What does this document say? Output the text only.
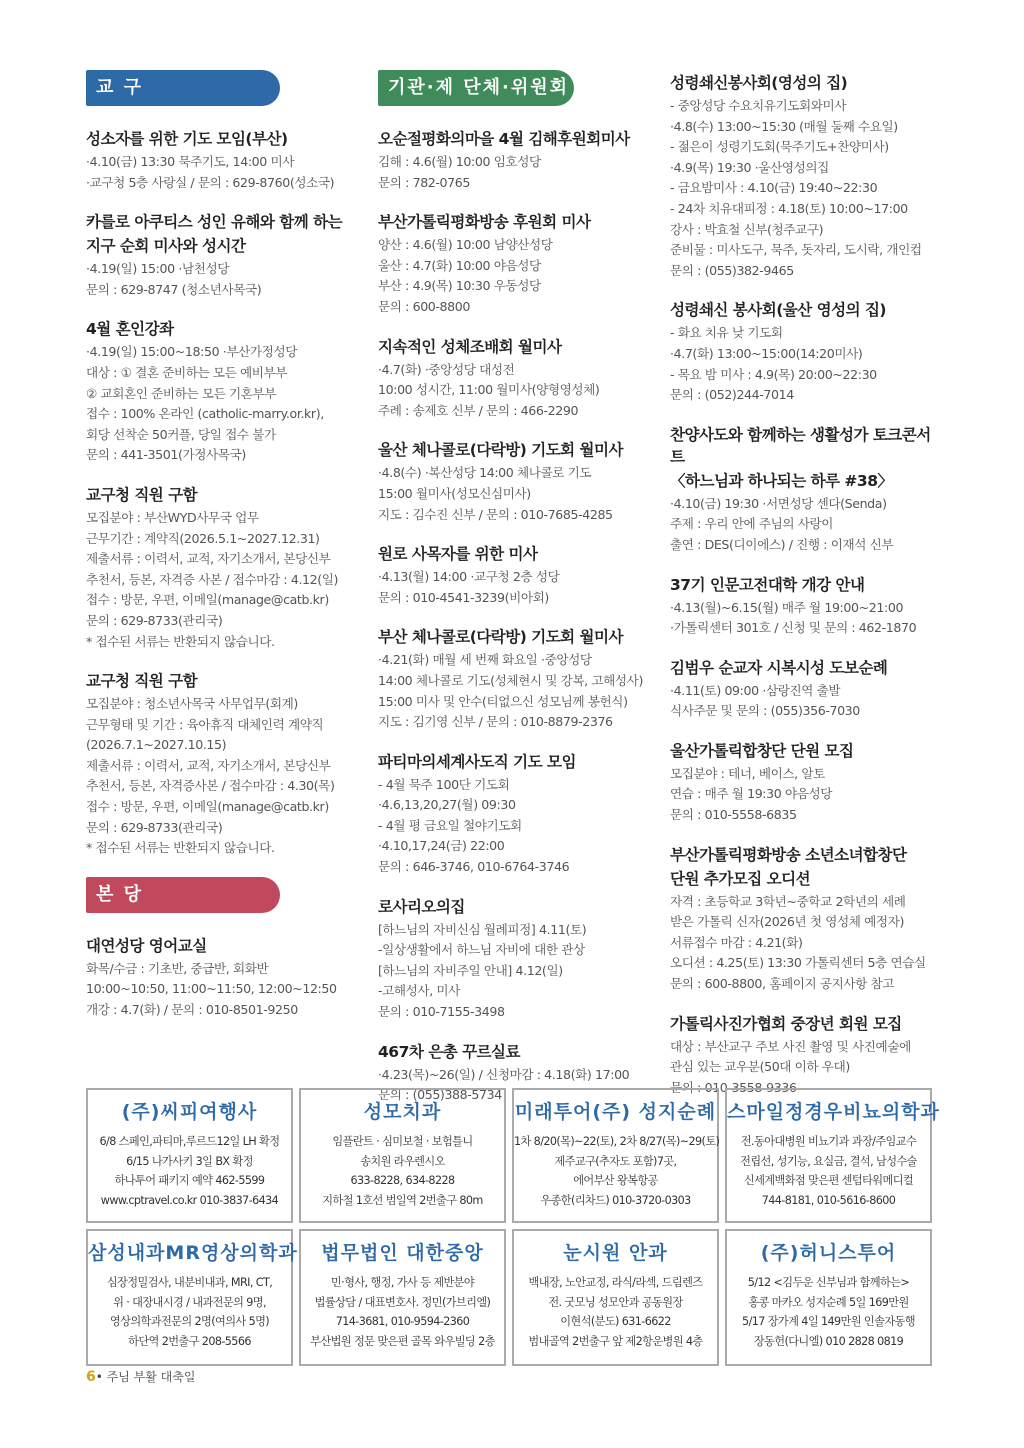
교 구
성소자를 위한 기도 모임(부산)
·4.10(금) 13:30 묵주기도, 14:00 미사
·교구청 5층 사랑실 / 문의 : 629-8760(성소국)
카를로 아쿠티스 성인 유해와 함께 하는
지구 순회 미사와 성시간
·4.19(일) 15:00 ·남천성당
문의 : 629-8747 (청소년사목국)
4월 혼인강좌
·4.19(일) 15:00~18:50 ·부산가정성당
대상 : ① 결혼 준비하는 모든 예비부부
② 교회혼인 준비하는 모든 기혼부부
접수 : 100% 온라인 (catholic-marry.or.kr),
회당 선착순 50커플, 당일 접수 불가
문의 : 441-3501(가정사목국)
교구청 직원 구함
모집분야 : 부산WYD사무국 업무
근무기간 : 계약직(2026.5.1~2027.12.31)
제출서류 : 이력서, 교적, 자기소개서, 본당신부
추천서, 등본, 자격증 사본 / 접수마감 : 4.12(일)
접수 : 방문, 우편, 이메일(manage@catb.kr)
문의 : 629-8733(관리국)
* 접수된 서류는 반환되지 않습니다.
교구청 직원 구함
모집분야 : 청소년사목국 사무업무(회계)
근무형태 및 기간 : 육아휴직 대체인력 계약직
(2026.7.1~2027.10.15)
제출서류 : 이력서, 교적, 자기소개서, 본당신부
추천서, 등본, 자격증사본 / 접수마감 : 4.30(목)
접수 : 방문, 우편, 이메일(manage@catb.kr)
문의 : 629-8733(관리국)
* 접수된 서류는 반환되지 않습니다.
본 당
대연성당 영어교실
화목/수금 : 기초반, 중급반, 회화반
10:00~10:50, 11:00~11:50, 12:00~12:50
개강 : 4.7(화) / 문의 : 010-8501-9250
기관·제 단체·위원회
오순절평화의마을 4월 김해후원회미사
김해 : 4.6(월) 10:00 임호성당
문의 : 782-0765
부산가톨릭평화방송 후원회 미사
양산 : 4.6(월) 10:00 남양산성당
울산 : 4.7(화) 10:00 야음성당
부산 : 4.9(목) 10:30 우동성당
문의 : 600-8800
지속적인 성체조배회 월미사
·4.7(화) ·중앙성당 대성전
10:00 성시간, 11:00 월미사(양형영성체)
주례 : 송제호 신부 / 문의 : 466-2290
울산 체나콜로(다락방) 기도회 월미사
·4.8(수) ·복산성당 14:00 체나콜로 기도
15:00 월미사(성모신심미사)
지도 : 김수진 신부 / 문의 : 010-7685-4285
원로 사목자를 위한 미사
·4.13(월) 14:00 ·교구청 2층 성당
문의 : 010-4541-3239(비아회)
부산 체나콜로(다락방) 기도회 월미사
·4.21(화) 매월 세 번째 화요일 ·중앙성당
14:00 체나콜로 기도(성체현시 및 강복, 고해성사)
15:00 미사 및 안수(티없으신 성모님께 봉헌식)
지도 : 김기영 신부 / 문의 : 010-8879-2376
파티마의세계사도직 기도 모임
- 4월 묵주 100단 기도회
·4.6,13,20,27(월) 09:30
- 4월 평 금요일 철야기도회
·4.10,17,24(금) 22:00
문의 : 646-3746, 010-6764-3746
로사리오의집
[하느님의 자비신심 월례피정] 4.11(토)
-일상생활에서 하느님 자비에 대한 관상
[하느님의 자비주일 안내] 4.12(일)
-고해성사, 미사
문의 : 010-7155-3498
467차 은총 꾸르실료
·4.23(목)~26(일) / 신청마감 : 4.18(화) 17:00
문의 : (055)388-5734
성령쇄신봉사회(영성의 집)
- 중앙성당 수요치유기도회와미사
·4.8(수) 13:00~15:30 (매월 둘째 수요일)
- 젊은이 성령기도회(묵주기도+찬양미사)
·4.9(목) 19:30 ·울산영성의집
- 금요밤미사 : 4.10(금) 19:40~22:30
- 24차 치유대피정 : 4.18(토) 10:00~17:00
강사 : 박효철 신부(청주교구)
준비물 : 미사도구, 묵주, 돗자리, 도시락, 개인컵
문의 : (055)382-9465
성령쇄신 봉사회(울산 영성의 집)
- 화요 치유 낮 기도회
·4.7(화) 13:00~15:00(14:20미사)
- 목요 밤 미사 : 4.9(목) 20:00~22:30
문의 : (052)244-7014
찬양사도와 함께하는 생활성가 토크콘서트
〈하느님과 하나되는 하루 #38〉
·4.10(금) 19:30 ·서면성당 센다(Senda)
주제 : 우리 안에 주님의 사랑이
출연 : DES(디이에스) / 진행 : 이재석 신부
37기 인문고전대학 개강 안내
·4.13(월)~6.15(월) 매주 월 19:00~21:00
·가톨릭센터 301호 / 신청 및 문의 : 462-1870
김범우 순교자 시복시성 도보순례
·4.11(토) 09:00 ·삼랑진역 출발
식사주문 및 문의 : (055)356-7030
울산가톨릭합창단 단원 모집
모집분야 : 테너, 베이스, 알토
연습 : 매주 월 19:30 야음성당
문의 : 010-5558-6835
부산가톨릭평화방송 소년소녀합창단
단원 추가모집 오디션
자격 : 초등학교 3학년~중학교 2학년의 세례
받은 가톨릭 신자(2026년 첫 영성체 예정자)
서류접수 마감 : 4.21(화)
오디션 : 4.25(토) 13:30 가톨릭센터 5층 연습실
문의 : 600-8800, 홈페이지 공지사항 참고
가톨릭사진가협회 중장년 회원 모집
대상 : 부산교구 주보 사진 촬영 및 사진예술에
관심 있는 교우분(50대 이하 우대)
문의 : 010-3558-9336
(주)씨피여행사
6/8 스페인,파티마,루르드12일 LH 확정
6/15 나가사키 3일 BX 확정
하나투어 패키지 예약 462-5599
www.cptravel.co.kr 010-3837-6434
성모치과
임플란트 · 심미보철 · 보험틀니
송치원 라우렌시오
633-8228, 634-8228
지하철 1호선 범일역 2번출구 80m
미래투어(주) 성지순례
1차 8/20(목)~22(토), 2차 8/27(목)~29(토)
제주교구(추자도 포함)7곳,
에어부산 왕복항공
우종한(리차드) 010-3720-0303
스마일정경우비뇨의학과
전.동아대병원 비뇨기과 과장/주임교수
전립선, 성기능, 요실금, 결석, 남성수술
신세계백화점 맞은편 센텀타워메디컬
744-8181, 010-5616-8600
삼성내과MR영상의학과
심장정밀검사, 내분비내과, MRI, CT,
위 · 대장내시경 / 내과전문의 9명,
영상의학과전문의 2명(여의사 5명)
하단역 2번출구 208-5566
법무법인 대한중앙
민·형사, 행정, 가사 등 제반분야
법률상담 / 대표변호사. 정민(가브리엘)
714-3681, 010-9594-2360
부산법원 정문 맞은편 골목 와우빌딩 2층
눈시원 안과
백내장, 노안교정, 라식/라섹, 드림렌즈
전. 굿모닝 성모안과 공동원장
이현석(분도) 631-6622
범내골역 2번출구 앞 제2항운병원 4층
(주)허니스투어
5/12 <김두운 신부님과 함께하는>
홍콩 마카오 성지순례 5일 169만원
5/17 장가계 4일 149만원 인솔자동행
장동헌(다니엘) 010 2828 0819
6• 주님 부활 대축일
